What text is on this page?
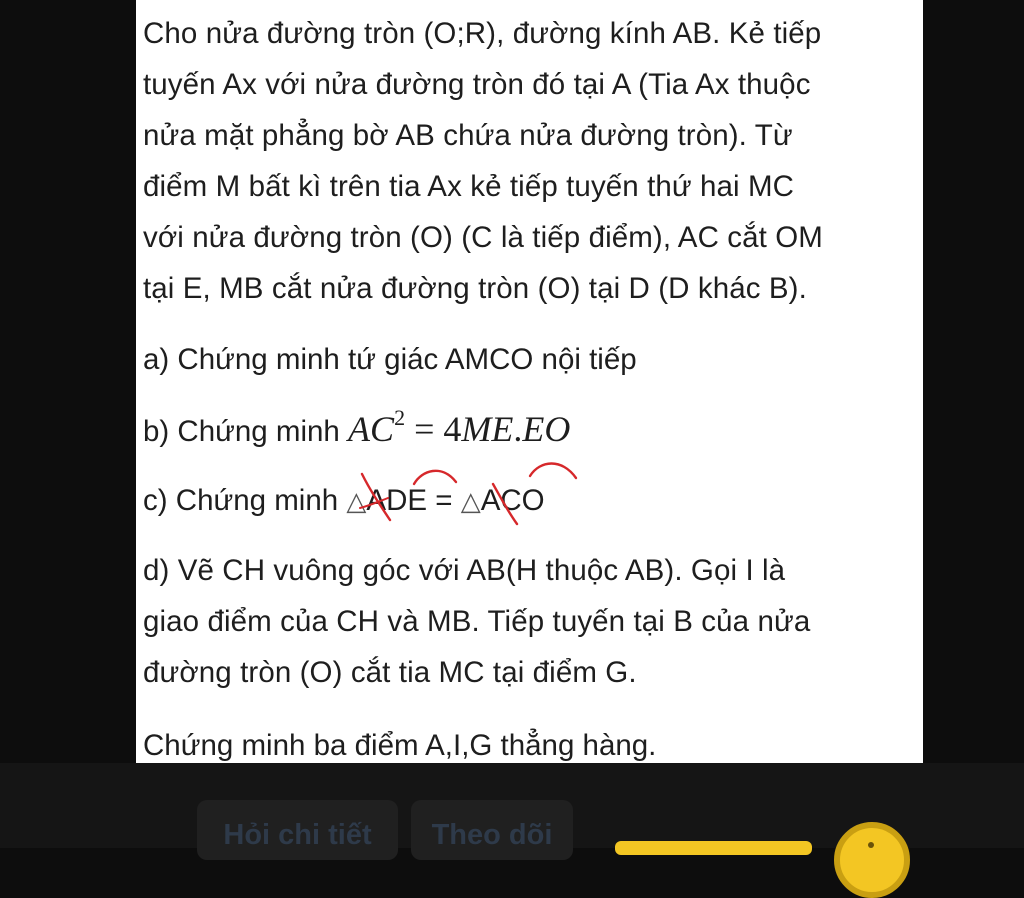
Cho nửa đường tròn (O;R), đường kính AB. Kẻ tiếp
tuyến Ax với nửa đường tròn đó tại A (Tia Ax thuộc
nửa mặt phẳng bờ AB chứa nửa đường tròn). Từ
điểm M bất kì trên tia Ax kẻ tiếp tuyến thứ hai MC
với nửa đường tròn (O) (C là tiếp điểm), AC cắt OM
tại E, MB cắt nửa đường tròn (O) tại D (D khác B).

a) Chứng minh tứ giác AMCO nội tiếp

b) Chứng minh $AC^2 = 4ME.EO$

c) Chứng minh △ADE = △ACO

d) Vẽ CH vuông góc với AB(H thuộc AB). Gọi I là
giao điểm của CH và MB. Tiếp tuyến tại B của nửa
đường tròn (O) cắt tia MC tại điểm G.

Chứng minh ba điểm A,I,G thẳng hàng.

Hỏi chi tiết	Theo dõi
